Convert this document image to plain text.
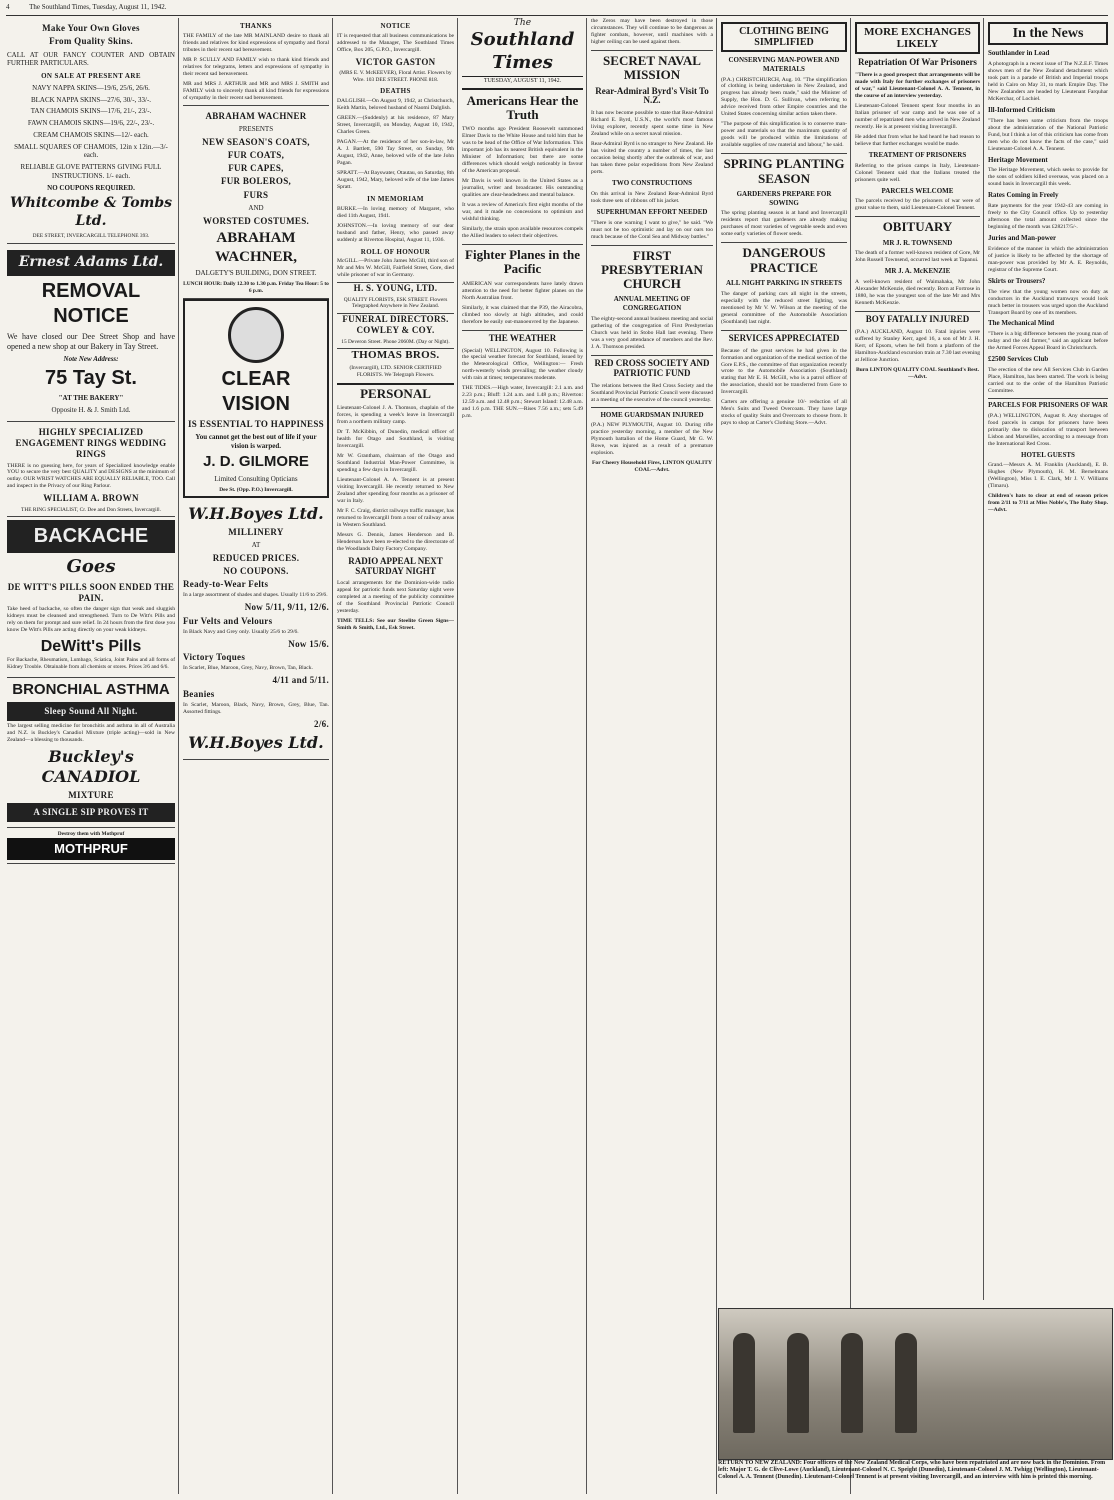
4	The Southland Times, Tuesday, August 11, 1942.
Make Your Own Gloves
From Quality Skins.

CALL AT OUR FANCY COUNTER AND OBTAIN FURTHER PARTICULARS.

ON SALE AT PRESENT ARE
NAVY NAPPA SKINS—19/6, 25/6, 26/6.
BLACK NAPPA SKINS—27/6, 30/-, 33/-.
TAN CHAMOIS SKINS—17/6, 21/-, 23/-.
FAWN CHAMOIS SKINS—19/6, 22/-, 23/-.
CREAM CHAMOIS SKINS—12/- each.
SMALL SQUARES OF CHAMOIS, 12in x 12in.—3/- each.
RELIABLE GLOVE PATTERNS GIVING FULL INSTRUCTIONS. 1/- each.
NO COUPONS REQUIRED.
Whitcombe & Tombs Ltd.
DEE STREET, INVERCARGILL TELEPHONE 393.
Ernest Adams Ltd.
REMOVAL NOTICE

We have closed our Dee Street Shop and have opened a new shop at our Bakery in Tay Street.

Note New Address:
75 Tay St.
"AT THE BAKERY"
Opposite H. & J. Smith Ltd.
HIGHLY SPECIALIZED ENGAGEMENT RINGS WEDDING RINGS

THERE is no guessing here, for years of Specialized knowledge enable YOU to secure the very best QUALITY and DESIGNS at the minimum of outlay. OUR WRIST WATCHES ARE EQUALLY RELIABLE, TOO. Call and inspect in the Privacy of our Ring Parlour.

WILLIAM A. BROWN
THE RING SPECIALIST, Cr. Dee and Don Streets, Invercargill.
BACKACHE
Goes
DE WITT'S PILLS SOON ENDED THE PAIN.

Take heed of backache, so often the danger sign that weak and sluggish kidneys must be cleansed and strengthened. Turn to De Witt's Pills and rely on them for prompt and sure relief. In 24 hours from the first dose you know De Witt's Pills are acting directly on your weak kidneys.

DeWitt's Pills

For Backache, Rheumatism, Lumbago, Sciatica, Joint Pains and all forms of Kidney Trouble. Obtainable from all chemists or stores. Prices 3/6 and 6/6.

BRONCHIAL ASTHMA
Sleep Sound All Night.

The largest selling medicine for bronchitis and asthma in all of Australia and N.Z. is Buckley's Canadiol Mixture (triple acting)—sold in New Zealand—a blessing to thousands.

Buckley's CANADIOL
MIXTURE
A SINGLE SIP PROVES IT
Destroy them with Mothpruf
MOTHPRUF
THANKS

THE FAMILY of the late MR MAINLAND desire to thank all friends and relatives for kind expressions of sympathy and floral tributes in their recent sad bereavement.

MR P. SCULLY AND FAMILY wish to thank kind friends and relatives for telegrams, letters and expressions of sympathy in their recent sad bereavement.

MR and MRS J. ARTHUR and MR and MRS J. SMITH and FAMILY wish to sincerely thank all kind friends for expressions of sympathy in their recent sad bereavement.

ABRAHAM WACHNER
PRESENTS
NEW SEASON'S COATS,
FUR COATS,
FUR CAPES,
FUR BOLEROS,
FURS
AND
WORSTED COSTUMES.
ABRAHAM WACHNER,
DALGETY'S BUILDING, DON STREET.
LUNCH HOUR: Daily 12.30 to 1.30 p.m. Friday Tea Hour: 5 to 6 p.m.
CLEAR VISION
IS ESSENTIAL TO HAPPINESS
You cannot get the best out of life if your vision is warped.
J. D. GILMORE
Limited Consulting Opticians
Dee St. (Opp. P.O.) Invercargill.
W.H.Boyes Ltd.
MILLINERY
AT
REDUCED PRICES.
NO COUPONS.
Ready-to-Wear Felts

In a large assortment of shades and shapes. Usually 11/6 to 29/6.

Now 5/11, 9/11, 12/6.
Fur Velts and Velours

In Black Navy and Grey only. Usually 25/6 to 29/6.

Now 15/6.
Victory Toques

In Scarlet, Blue, Maroon, Grey, Navy, Brown, Tan, Black.

4/11 and 5/11.
Beanies

In Scarlet, Maroon, Black, Navy, Brown, Grey, Blue, Tan. Assorted fittings.

2/6.
W.H.Boyes Ltd.
NOTICE

IT is requested that all business communications be addressed to the Manager, The Southland Times Office, Box 205, G.P.O., Invercargill.

VICTOR GASTON

(MRS E. V. McKEEVER), Floral Artist. Flowers by Wire. 103 DEE STREET. PHONE 818.

DEATHS

DALGLISH.—On August 9, 1942, at Christchurch, Keith Martin, beloved husband of Naomi Dalglish.

GREEN.—(Suddenly) at his residence, 87 Mary Street, Invercargill, on Monday, August 10, 1942, Charles Green.

PAGAN.—At the residence of her son-in-law, Mr A. J. Bartlett, 590 Tay Street, on Sunday, 9th August, 1942, Anne, beloved wife of the late John Pagan.

SPRATT.—At Bayswater, Otautau, on Saturday, 8th August, 1942, Mary, beloved wife of the late James Spratt.

IN MEMORIAM

BURKE.—In loving memory of Margaret, who died 11th August, 1941.

JOHNSTON.—In loving memory of our dear husband and father, Henry, who passed away suddenly at Riverton Hospital, August 11, 1936.

ROLL OF HONOUR

McGILL.—Private John James McGill, third son of Mr and Mrs W. McGill, Fairfield Street, Gore, died while prisoner of war in Germany.

H. S. YOUNG, LTD.

QUALITY FLORISTS, ESK STREET. Flowers Telegraphed Anywhere in New Zealand.

FUNERAL DIRECTORS. COWLEY & COY.

15 Deveron Street. Phone 2060M. (Day or Night).

THOMAS BROS.

(Invercargill), LTD. SENIOR CERTIFIED FLORISTS. We Telegraph Flowers.

PERSONAL

Lieutenant-Colonel J. A. Thomson, chaplain of the forces, is spending a week's leave in Invercargill from a northern military camp.

Dr T. McKibbin, of Dunedin, medical officer of health for Otago and Southland, is visiting Invercargill.

Mr W. Grantham, chairman of the Otago and Southland Industrial Man-Power Committee, is spending a few days in Invercargill.

Lieutenant-Colonel A. A. Tennent is at present visiting Invercargill. He recently returned to New Zealand after spending four months as a prisoner of war in Italy.

Mr F. C. Craig, district railways traffic manager, has returned to Invercargill from a tour of railway areas in Western Southland.

Messrs G. Dennis, James Henderson and B. Henderson have been re-elected to the directorate of the Woodlands Dairy Factory Company.

RADIO APPEAL NEXT SATURDAY NIGHT

Local arrangements for the Dominion-wide radio appeal for patriotic funds next Saturday night were completed at a meeting of the publicity committee of the Southland Provincial Patriotic Council yesterday.

TIME TELLS: See our Steelite Green Signs—Smith & Smith, Ltd., Esk Street.

The
Southland Times
TUESDAY, AUGUST 11, 1942.
Americans Hear the Truth

TWO months ago President Roosevelt summoned Elmer Davis to the White House and told him that he was to be head of the Office of War Information. This important job has its nearest British equivalent in the Minister of Information; but there are some differences which should weigh noticeably in favour of the American proposal.

Mr Davis is well known in the United States as a journalist, writer and broadcaster. His outstanding qualities are clear-headedness and mental balance.

It was a review of America's first eight months of the war, and it made no concessions to optimism and wishful thinking.

Similarly, the strain upon available resources compels the Allied leaders to select their objectives.

Fighter Planes in the Pacific

AMERICAN war correspondents have lately drawn attention to the need for better fighter planes on the North Australian front.

Similarly, it was claimed that the P39, the Airacobra, climbed too slowly at high altitudes, and could therefore be easily out-manoeuvred by the Japanese.

THE WEATHER

(Special) WELLINGTON, August 10. Following is the special weather forecast for Southland, issued by the Meteorological Office, Wellington:— Fresh north-westerly winds prevailing; the weather cloudy with rain at times; temperatures moderate.

THE TIDES.—High water, Invercargill: 2.1 a.m. and 2.23 p.m.; Bluff: 1.24 a.m. and 1.48 p.m.; Riverton: 12.59 a.m. and 12.48 p.m.; Stewart Island: 12.48 a.m. and 1.6 p.m. THE SUN.—Rises 7.56 a.m.; sets 5.49 p.m.

the Zeros may have been destroyed in those circumstances. They will continue to be dangerous as fighter combats, however, until machines with a higher ceiling can be used against them.

SECRET NAVAL MISSION
Rear-Admiral Byrd's Visit To N.Z.

It has now become possible to state that Rear-Admiral Richard E. Byrd, U.S.N., the world's most famous living explorer, recently spent some time in New Zealand while on a secret naval mission.

Rear-Admiral Byrd is no stranger to New Zealand. He has visited the country a number of times, the last occasion being shortly after the outbreak of war, and has taken three polar expeditions from New Zealand ports.

TWO CONSTRUCTIONS

On this arrival in New Zealand Rear-Admiral Byrd took three sets of ribbons off his jacket.

SUPERHUMAN EFFORT NEEDED

"There is one warning I want to give," he said. "We must not be too optimistic and lay on our oars too much because of the Coral Sea and Midway battles."

FIRST PRESBYTERIAN CHURCH
ANNUAL MEETING OF CONGREGATION

The eighty-second annual business meeting and social gathering of the congregation of First Presbyterian Church was held in Stobo Hall last evening. There was a very good attendance of members and the Rev. J. A. Thomson presided.

RED CROSS SOCIETY AND PATRIOTIC FUND

The relations between the Red Cross Society and the Southland Provincial Patriotic Council were discussed at a meeting of the executive of the council yesterday.

HOME GUARDSMAN INJURED

(P.A.) NEW PLYMOUTH, August 10. During rifle practice yesterday morning, a member of the New Plymouth battalion of the Home Guard, Mr G. W. Rowe, was injured as a result of a premature explosion.

For Cheery Household Fires, LINTON QUALITY COAL—Advt.

CLOTHING BEING SIMPLIFIED
CONSERVING MAN-POWER AND MATERIALS

(P.A.) CHRISTCHURCH, Aug. 10. "The simplification of clothing is being undertaken in New Zealand, and progress has already been made," said the Minister of Supply, the Hon. D. G. Sullivan, when referring to advice received from other Empire countries and the United States concerning similar action taken there.

"The purpose of this simplification is to conserve man-power and materials so that the maximum quantity of goods will be produced within the limitations of available supplies of raw material and labour," he said.

SPRING PLANTING SEASON
GARDENERS PREPARE FOR SOWING

The spring planting season is at hand and Invercargill residents report that gardeners are already making purchases of most varieties of vegetable seeds and even some early varieties of flower seeds.

DANGEROUS PRACTICE
ALL NIGHT PARKING IN STREETS

The danger of parking cars all night in the streets, especially with the reduced street lighting, was mentioned by Mr V. W. Wilson at the meeting of the general committee of the Automobile Association (Southland) last night.

SERVICES APPRECIATED

Because of the great services he had given in the formation and organization of the medical section of the Gore E.P.S., the committee of that organization recently wrote to the Automobile Association (Southland) stating that Mr E. H. McGill, who is a patrol officer of the association, should not be transferred from Gore to Invercargill.

Carters are offering a genuine 10/- reduction of all Men's Suits and Tweed Overcoats. They have large stocks of quality Suits and Overcoats to choose from. It pays to shop at Carter's Clothing Store.—Advt.

MORE EXCHANGES LIKELY
Repatriation Of War Prisoners

"There is a good prospect that arrangements will be made with Italy for further exchanges of prisoners of war," said Lieutenant-Colonel A. A. Tennent, in the course of an interview yesterday.

Lieutenant-Colonel Tennent spent four months in an Italian prisoner of war camp and he was one of a number of repatriated men who arrived in New Zealand recently. He is at present visiting Invercargill.

He added that from what he had heard he had reason to believe that further exchanges would be made.

TREATMENT OF PRISONERS

Referring to the prison camps in Italy, Lieutenant-Colonel Tennent said that the Italians treated the prisoners quite well.

PARCELS WELCOME

The parcels received by the prisoners of war were of great value to them, said Lieutenant-Colonel Tennent.

OBITUARY
MR J. R. TOWNSEND

The death of a former well-known resident of Gore, Mr John Russell Townsend, occurred last week at Tapanui.

MR J. A. McKENZIE

A well-known resident of Waimahaka, Mr John Alexander McKenzie, died recently. Born at Fortrose in 1880, he was the youngest son of the late Mr and Mrs Kenneth McKenzie.

BOY FATALLY INJURED

(P.A.) AUCKLAND, August 10. Fatal injuries were suffered by Stanley Kerr, aged 16, a son of Mr J. H. Kerr, of Epsom, when he fell from a platform of the Hamilton-Auckland excursion train at 7.30 last evening at Jellicoe Junction.

Burn LINTON QUALITY COAL Southland's Best.—Advt.

In the News
Southlander in Lead

A photograph in a recent issue of The N.Z.E.F. Times shows men of the New Zealand detachment which took part in a parade of British and Imperial troops held in Cairo on May 31, to mark Empire Day. The New Zealanders are headed by Lieutenant Farquhar McKerchar, of Lochiel.

Ill-Informed Criticism

"There has been some criticism from the troops about the administration of the National Patriotic Fund, but I think a lot of this criticism has come from men who do not know the facts of the case," said Lieutenant-Colonel A. A. Tennent.

Heritage Movement

The Heritage Movement, which seeks to provide for the sons of soldiers killed overseas, was placed on a sound basis in Invercargill this week.

Rates Coming in Freely

Rate payments for the year 1942-43 are coming in freely to the City Council office. Up to yesterday afternoon the total amount collected since the beginning of the month was £28217/5/-.

Juries and Man-power

Evidence of the manner in which the administration of justice is likely to be affected by the shortage of man-power was provided by Mr A. E. Reynolds, registrar of the Supreme Court.

Skirts or Trousers?

The view that the young women now on duty as conductors in the Auckland tramways would look much better in trousers was urged upon the Auckland Transport Board by one of its members.

The Mechanical Mind

"There is a big difference between the young man of today and the old farmer," said an applicant before the Armed Forces Appeal Board in Christchurch.

£2500 Services Club

The erection of the new All Services Club in Garden Place, Hamilton, has been started. The work is being carried out to the order of the Hamilton Patriotic Committee.

PARCELS FOR PRISONERS OF WAR

(P.A.) WELLINGTON, August 8. Any shortages of food parcels in camps for prisoners have been primarily due to dislocation of transport between Lisbon and Marseilles, according to a message from the International Red Cross.

HOTEL GUESTS

Grand.—Messrs A. M. Franklin (Auckland), E. B. Hughes (New Plymouth), H. M. Bernelmans (Wellington), Miss I. E. Clark, Mr J. V. Williams (Timaru).

Children's hats to clear at end of season prices from 2/11 to 7/11 at Miss Noble's, The Baby Shop.—Advt.

RETURN TO NEW ZEALAND: Four officers of the New Zealand Medical Corps, who have been repatriated and are now back in the Dominion. From left: Major T. G. de Clive-Lowe (Auckland), Lieutenant-Colonel N. C. Speight (Dunedin), Lieutenant-Colonel J. M. Twhigg (Wellington), Lieutenant-Colonel A. A. Tennent (Dunedin). Lieutenant-Colonel Tennent is at present visiting Invercargill, and an interview with him is printed this morning.
